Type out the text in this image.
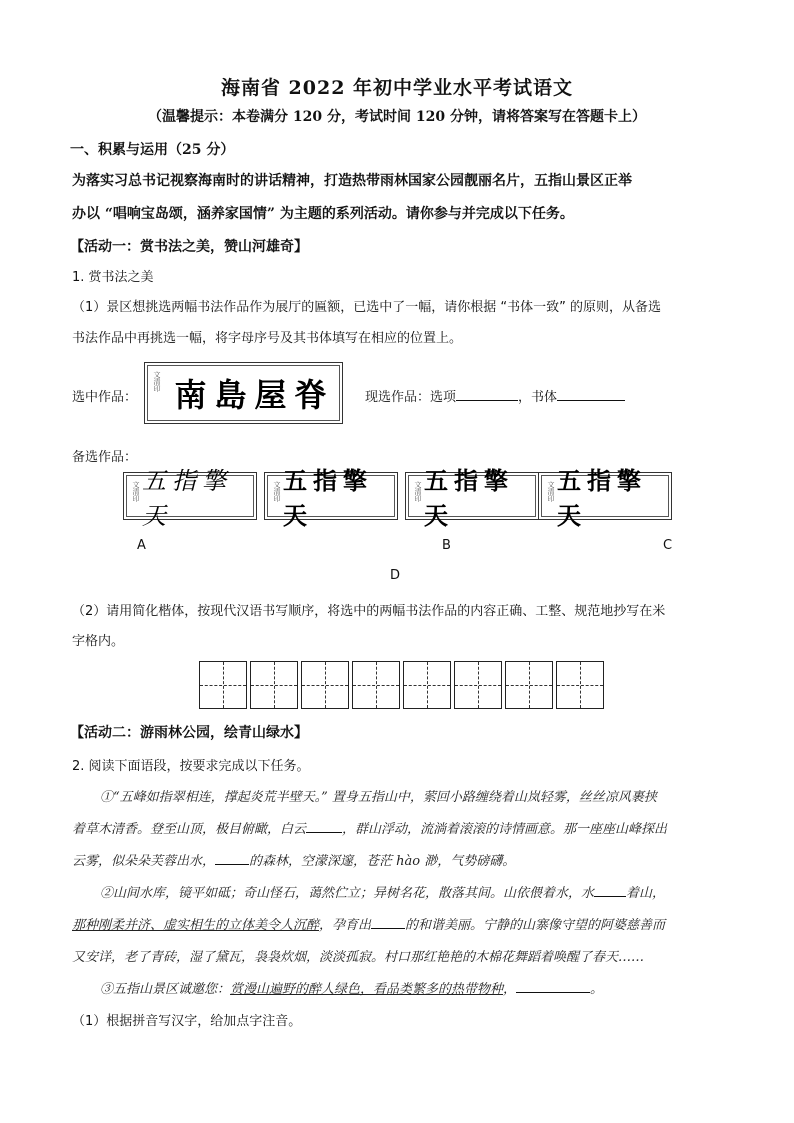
海南省 2022 年初中学业水平考试语文
（温馨提示：本卷满分 120 分，考试时间 120 分钟，请将答案写在答题卡上）
一、积累与运用（25 分）
为落实习总书记视察海南时的讲话精神，打造热带雨林国家公园靓丽名片，五指山景区正举
办以 “唱响宝岛颂，涵养家国情” 为主题的系列活动。请你参与并完成以下任务。
【活动一：赏书法之美，赞山河雄奇】
1. 赏书法之美
（1）景区想挑选两幅书法作品作为展厅的匾额，已选中了一幅，请你根据 “书体一致” 的原则，从备选
书法作品中再挑选一幅，将字母序号及其书体填写在相应的位置上。
选中作品：
文清印 南島屋脊 现选作品：选项	，书体
备选作品：
文清印 五指擎天
文清印 五指擎天
文清印 五指擎天
文清印 五指擎天
A	B	C
D
（2）请用简化楷体，按现代汉语书写顺序，将选中的两幅书法作品的内容正确、工整、规范地抄写在米
字格内。
【活动二：游雨林公园，绘青山绿水】
2. 阅读下面语段，按要求完成以下任务。
①“五峰如指翠相连，撑起炎荒半壁天。” 置身五指山中，萦回小路缠绕着山岚轻雾，丝丝凉风裹挟
着草木清香。登至山顶，极目俯瞰，白云	，群山浮动，流淌着滚滚的诗情画意。那一座座山峰探出
云雾，似朵朵芙蓉出水，	的森林，空濛深邃，苍茫 hào 渺，气势磅礴。
②山间水库，镜平如砥；奇山怪石，蔼然伫立；异树名花，散落其间。山依偎着水，水 着山，
那种刚柔并济、虚实相生的立体美令人沉醉，孕育出	的和谐美丽。宁静的山寨像守望的阿婆慈善而
又安详，老了青砖，湿了黛瓦，袅袅炊烟，淡淡孤寂。村口那红艳艳的木棉花舞蹈着唤醒了春天……
③五指山景区诚邀您：赏漫山遍野的醉人绿色，看品类繁多的热带物种，	。
（1）根据拼音写汉字，给加点字注音。
